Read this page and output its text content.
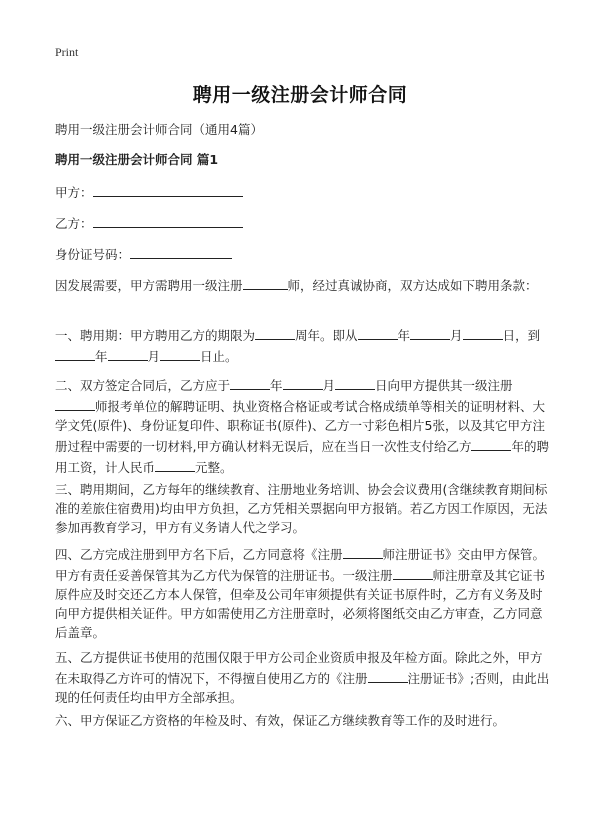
Print
聘用一级注册会计师合同
聘用一级注册会计师合同（通用4篇）
聘用一级注册会计师合同 篇1
甲方：
乙方：
身份证号码：
因发展需要，甲方需聘用一级注册	师，经过真诚协商，双方达成如下聘用条款：
一、聘用期：甲方聘用乙方的期限为	周年。即从	年	月	日，到年	月	日止。
二、双方签定合同后，乙方应于	年	月	日向甲方提供其一级注册师报考单位的解聘证明、执业资格合格证或考试合格成绩单等相关的证明材料、大学文凭(原件)、身份证复印件、职称证书(原件)、乙方一寸彩色相片5张，以及其它甲方注册过程中需要的一切材料,甲方确认材料无误后，应在当日一次性支付给乙方	年的聘用工资，计人民币	元整。
三、聘用期间，乙方每年的继续教育、注册地业务培训、协会会议费用(含继续教育期间标准的差旅住宿费用)均由甲方负担，乙方凭相关票据向甲方报销。若乙方因工作原因，无法参加再教育学习，甲方有义务请人代之学习。
四、乙方完成注册到甲方名下后，乙方同意将《注册	师注册证书》交由甲方保管。甲方有责任妥善保管其为乙方代为保管的注册证书。一级注册	师注册章及其它证书原件应及时交还乙方本人保管，但牵及公司年审须提供有关证书原件时，乙方有义务及时向甲方提供相关证件。甲方如需使用乙方注册章时，必须将图纸交由乙方审查，乙方同意后盖章。
五、乙方提供证书使用的范围仅限于甲方公司企业资质申报及年检方面。除此之外，甲方在未取得乙方许可的情况下，不得擅自使用乙方的《注册	注册证书》;否则，由此出现的任何责任均由甲方全部承担。
六、甲方保证乙方资格的年检及时、有效，保证乙方继续教育等工作的及时进行。
